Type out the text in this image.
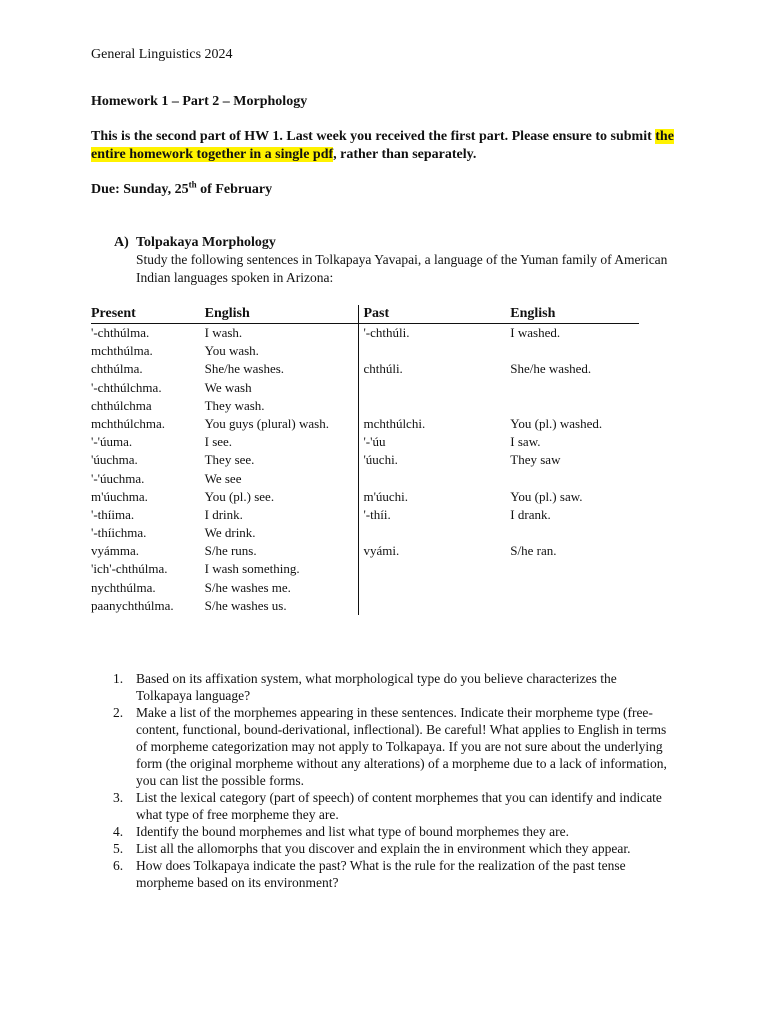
General Linguistics 2024
Homework 1 – Part 2 – Morphology
This is the second part of HW 1. Last week you received the first part. Please ensure to submit the entire homework together in a single pdf, rather than separately.
Due: Sunday, 25th of February
A) Tolpakaya Morphology
Study the following sentences in Tolkapaya Yavapai, a language of the Yuman family of American Indian languages spoken in Arizona:
Present	English	Past	English
'-chthúlma.	I wash.	'-chthúli.	I washed.
mchthúlma.	You wash.		
chthúlma.	She/he washes.	chthúli.	She/he washed.
'-chthúlchma.	We wash		
chthúlchma	They wash.		
mchthúlchma.	You guys (plural) wash.	mchthúlchi.	You (pl.) washed.
'-'úuma.	I see.	'-'úu	I saw.
'úuchma.	They see.	'úuchi.	They saw
'-'úuchma.	We see		
m'úuchma.	You (pl.) see.	m'úuchi.	You (pl.) saw.
'-thíima.	I drink.	'-thíi.	I drank.
'-thíichma.	We drink.		
vyámma.	S/he runs.	vyámi.	S/he ran.
'ich'-chthúlma.	I wash something.		
nychthúlma.	S/he washes me.		
paanychthúlma.	S/he washes us.		
1. Based on its affixation system, what morphological type do you believe characterizes the Tolkapaya language?
2. Make a list of the morphemes appearing in these sentences. Indicate their morpheme type (free-content, functional, bound-derivational, inflectional). Be careful! What applies to English in terms of morpheme categorization may not apply to Tolkapaya. If you are not sure about the underlying form (the original morpheme without any alterations) of a morpheme due to a lack of information, you can list the possible forms.
3. List the lexical category (part of speech) of content morphemes that you can identify and indicate what type of free morpheme they are.
4. Identify the bound morphemes and list what type of bound morphemes they are.
5. List all the allomorphs that you discover and explain the in environment which they appear.
6. How does Tolkapaya indicate the past? What is the rule for the realization of the past tense morpheme based on its environment?
